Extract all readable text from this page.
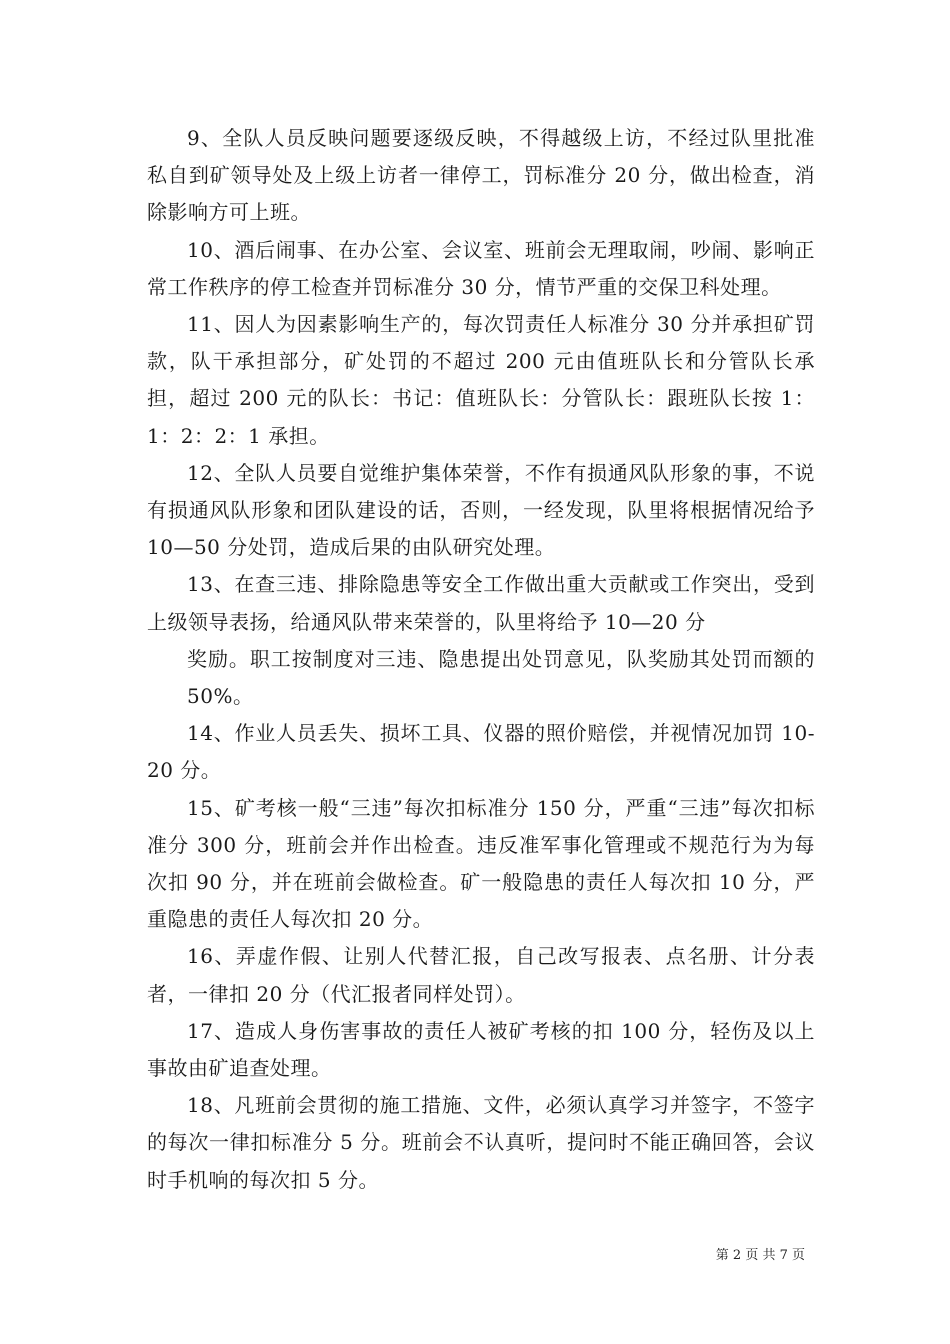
9、全队人员反映问题要逐级反映，不得越级上访，不经过队里批准私自到矿领导处及上级上访者一律停工，罚标准分 20 分，做出检查，消除影响方可上班。

10、酒后闹事、在办公室、会议室、班前会无理取闹，吵闹、影响正常工作秩序的停工检查并罚标准分 30 分，情节严重的交保卫科处理。

11、因人为因素影响生产的，每次罚责任人标准分 30 分并承担矿罚款，队干承担部分，矿处罚的不超过 200 元由值班队长和分管队长承担，超过 200 元的队长：书记：值班队长：分管队长：跟班队长按 1：1：2：2：1 承担。

12、全队人员要自觉维护集体荣誉，不作有损通风队形象的事，不说有损通风队形象和团队建设的话，否则，一经发现，队里将根据情况给予 10—50 分处罚，造成后果的由队研究处理。

13、在查三违、排除隐患等安全工作做出重大贡献或工作突出，受到上级领导表扬，给通风队带来荣誉的，队里将给予 10—20 分

奖励。职工按制度对三违、隐患提出处罚意见，队奖励其处罚而额的 50%。

14、作业人员丢失、损坏工具、仪器的照价赔偿，并视情况加罚 10-20 分。

15、矿考核一般“三违”每次扣标准分 150 分，严重“三违”每次扣标准分 300 分，班前会并作出检查。违反准军事化管理或不规范行为为每次扣 90 分，并在班前会做检查。矿一般隐患的责任人每次扣 10 分，严重隐患的责任人每次扣 20 分。

16、弄虚作假、让别人代替汇报，自己改写报表、点名册、计分表者，一律扣 20 分（代汇报者同样处罚）。

17、造成人身伤害事故的责任人被矿考核的扣 100 分，轻伤及以上事故由矿追查处理。

18、凡班前会贯彻的施工措施、文件，必须认真学习并签字，不签字的每次一律扣标准分 5 分。班前会不认真听，提问时不能正确回答，会议时手机响的每次扣 5 分。

第 2 页 共 7 页
